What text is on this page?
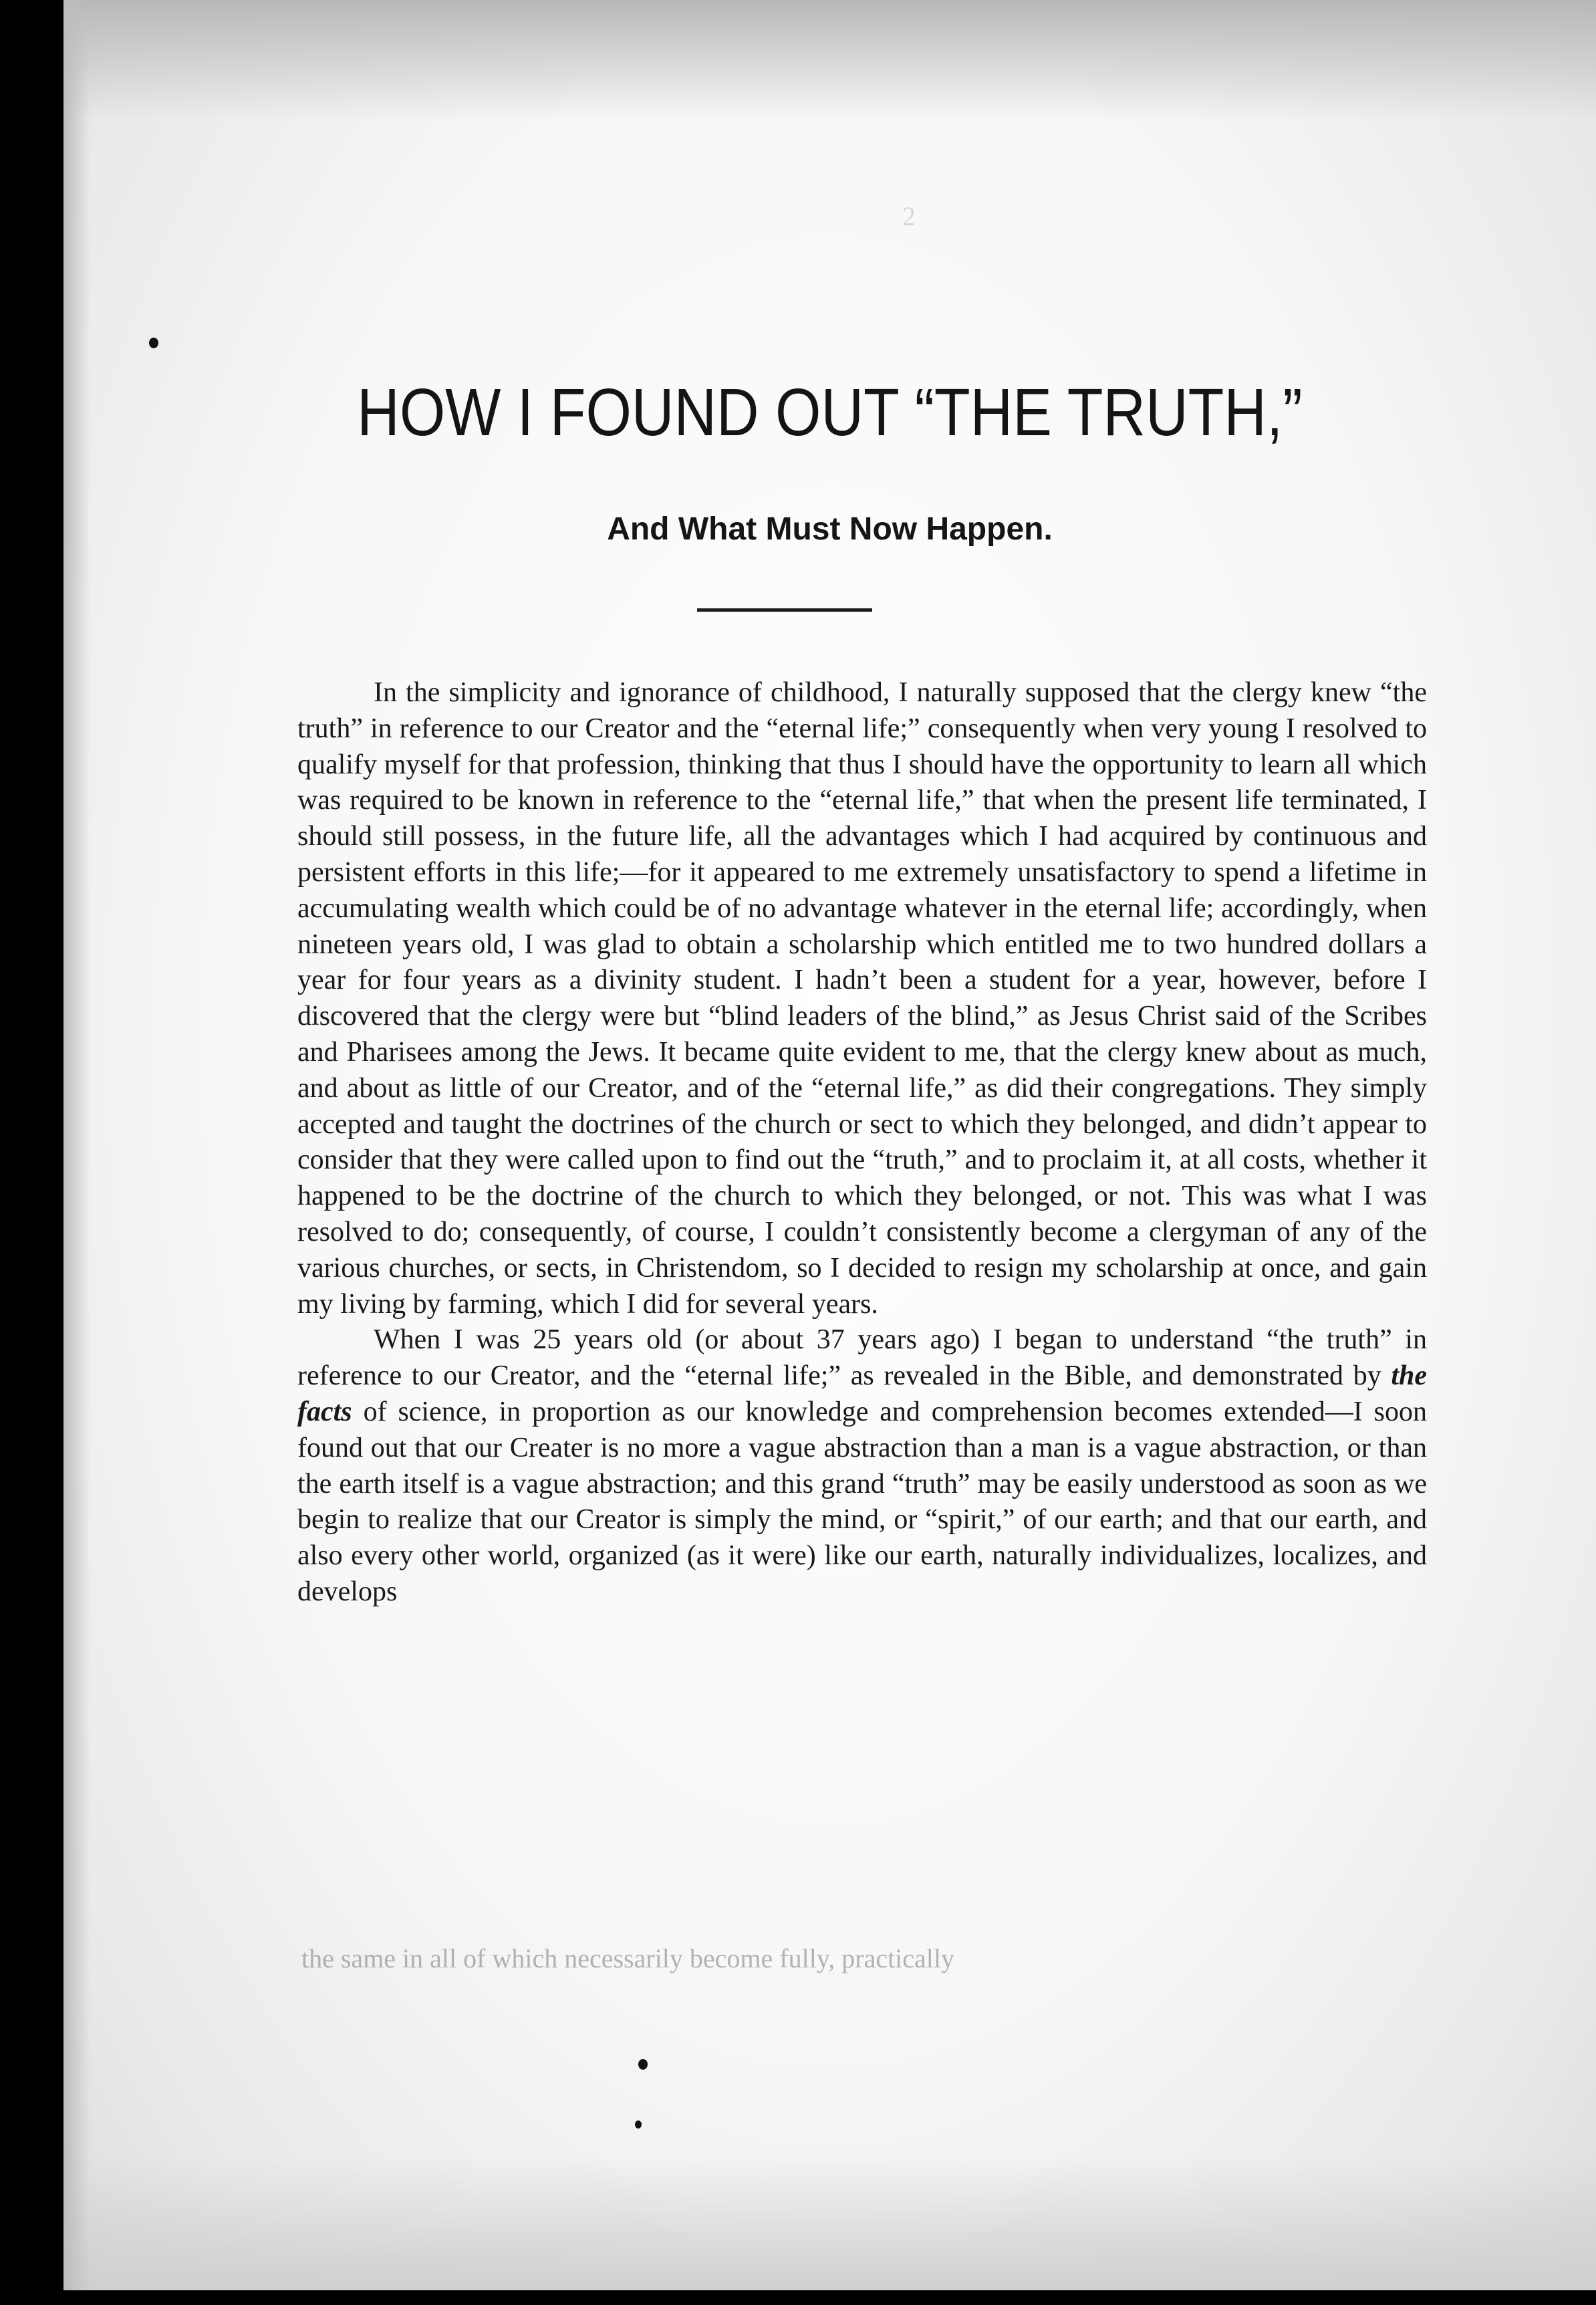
2
HOW I FOUND OUT “THE TRUTH,”
And What Must Now Happen.

In the simplicity and ignorance of childhood, I naturally supposed that the clergy knew “the truth” in reference to our Creator and the “eternal life;” consequently when very young I resolved to qualify myself for that profession, thinking that thus I should have the opportunity to learn all which was required to be known in reference to the “eternal life,” that when the present life terminated, I should still possess, in the future life, all the advantages which I had acquired by continuous and persistent efforts in this life;—for it appeared to me extremely unsatisfactory to spend a lifetime in accumulating wealth which could be of no advantage whatever in the eternal life; accordingly, when nineteen years old, I was glad to obtain a scholarship which entitled me to two hundred dollars a year for four years as a divinity student. I hadn’t been a student for a year, however, before I discovered that the clergy were but “blind leaders of the blind,” as Jesus Christ said of the Scribes and Pharisees among the Jews. It became quite evident to me, that the clergy knew about as much, and about as little of our Creator, and of the “eternal life,” as did their congregations. They simply accepted and taught the doctrines of the church or sect to which they belonged, and didn’t appear to consider that they were called upon to find out the “truth,” and to proclaim it, at all costs, whether it happened to be the doctrine of the church to which they belonged, or not. This was what I was resolved to do; consequently, of course, I couldn’t consistently become a clergyman of any of the various churches, or sects, in Christendom, so I decided to resign my scholarship at once, and gain my living by farming, which I did for several years.

When I was 25 years old (or about 37 years ago) I began to understand “the truth” in reference to our Creator, and the “eternal life;” as revealed in the Bible, and demonstrated by the facts of science, in proportion as our knowledge and comprehension becomes extended—I soon found out that our Creater is no more a vague abstraction than a man is a vague abstraction, or than the earth itself is a vague abstraction; and this grand “truth” may be easily understood as soon as we begin to realize that our Creator is simply the mind, or “spirit,” of our earth; and that our earth, and also every other world, organized (as it were) like our earth, naturally individualizes, localizes, and develops

the same in all of which necessarily become fully, practically
